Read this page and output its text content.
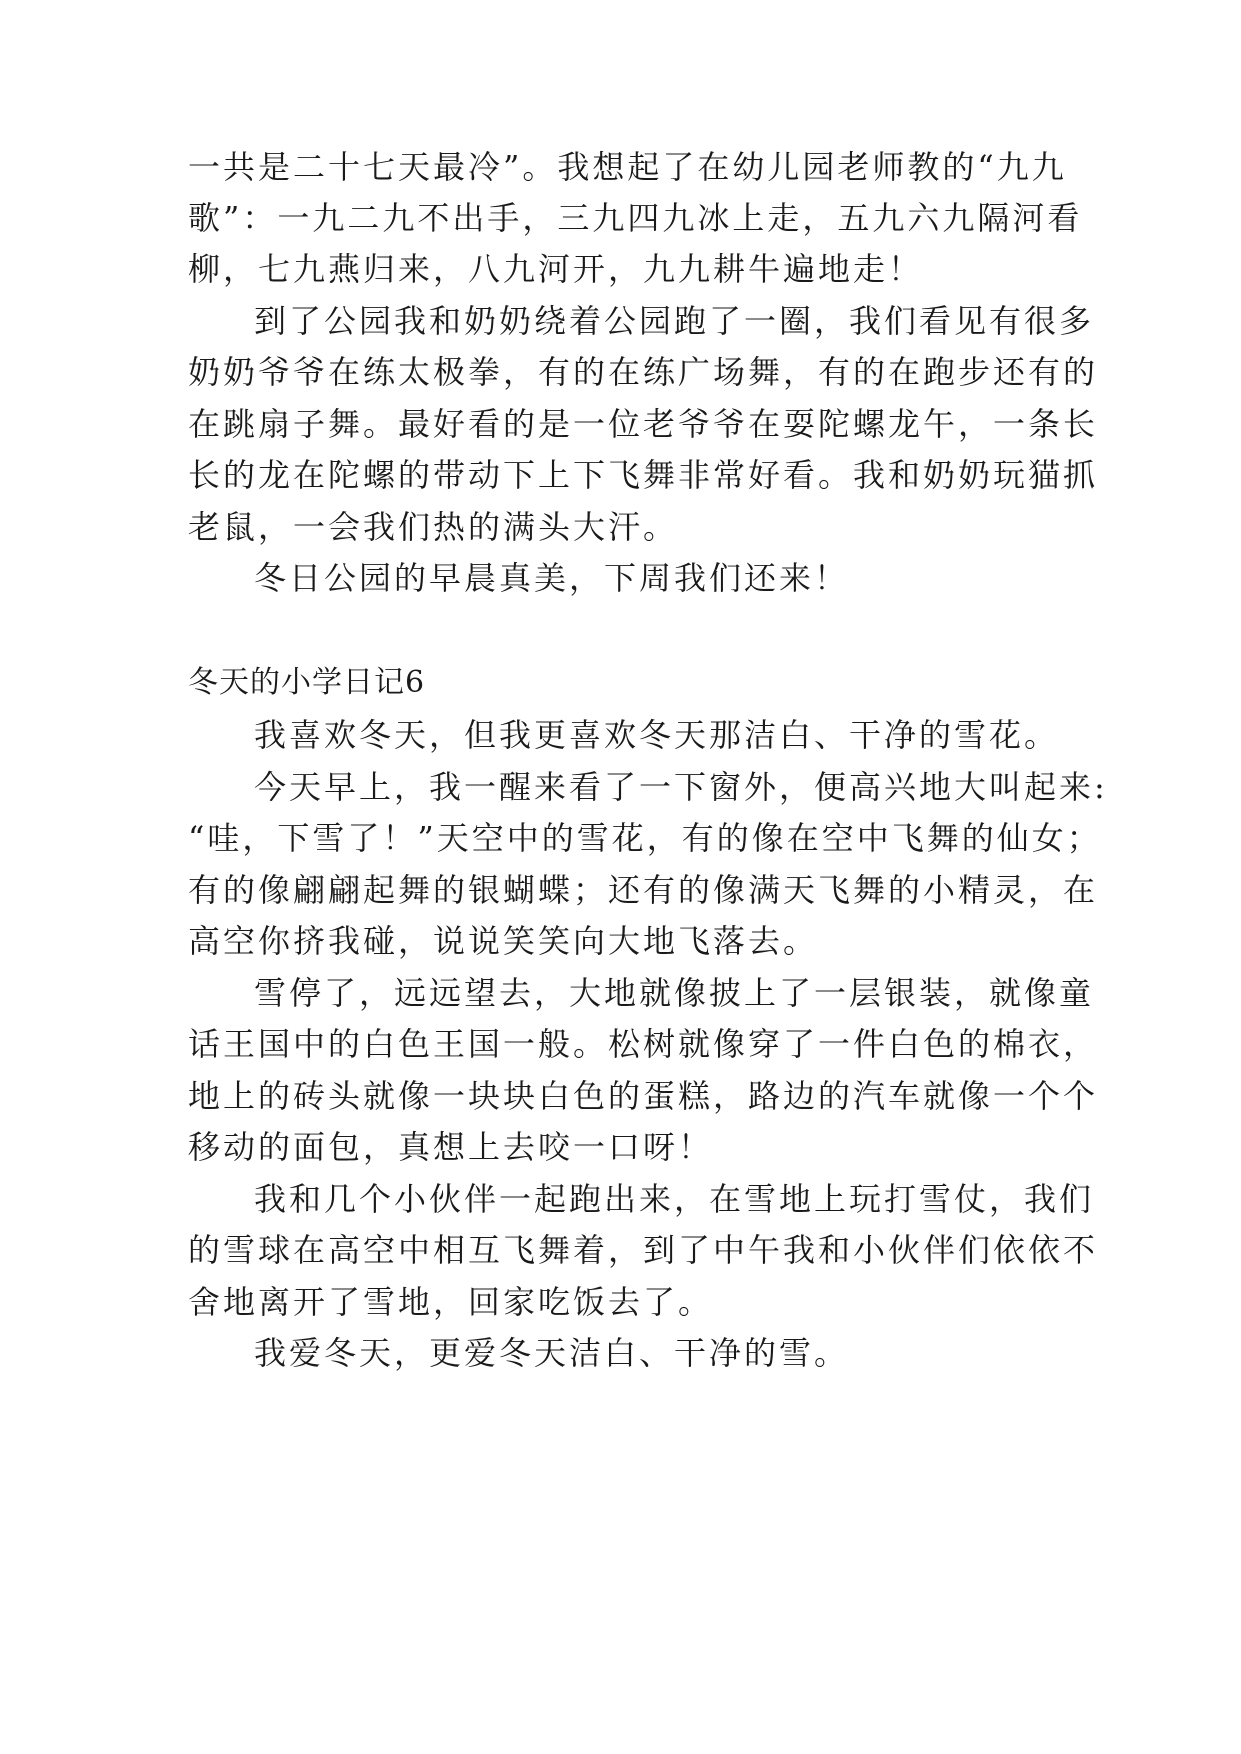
一共是二十七天最冷”。我想起了在幼儿园老师教的“九九
歌”：一九二九不出手，三九四九冰上走，五九六九隔河看
柳，七九燕归来，八九河开，九九耕牛遍地走！
到了公园我和奶奶绕着公园跑了一圈，我们看见有很多
奶奶爷爷在练太极拳，有的在练广场舞，有的在跑步还有的
在跳扇子舞。最好看的是一位老爷爷在耍陀螺龙午，一条长
长的龙在陀螺的带动下上下飞舞非常好看。我和奶奶玩猫抓
老鼠，一会我们热的满头大汗。
冬日公园的早晨真美，下周我们还来！
冬天的小学日记6
我喜欢冬天，但我更喜欢冬天那洁白、干净的雪花。
今天早上，我一醒来看了一下窗外，便高兴地大叫起来:
“哇，下雪了！”天空中的雪花，有的像在空中飞舞的仙女；
有的像翩翩起舞的银蝴蝶；还有的像满天飞舞的小精灵，在
高空你挤我碰，说说笑笑向大地飞落去。
雪停了，远远望去，大地就像披上了一层银装，就像童
话王国中的白色王国一般。松树就像穿了一件白色的棉衣，
地上的砖头就像一块块白色的蛋糕，路边的汽车就像一个个
移动的面包，真想上去咬一口呀！
我和几个小伙伴一起跑出来，在雪地上玩打雪仗，我们
的雪球在高空中相互飞舞着，到了中午我和小伙伴们依依不
舍地离开了雪地，回家吃饭去了。
我爱冬天，更爱冬天洁白、干净的雪。
